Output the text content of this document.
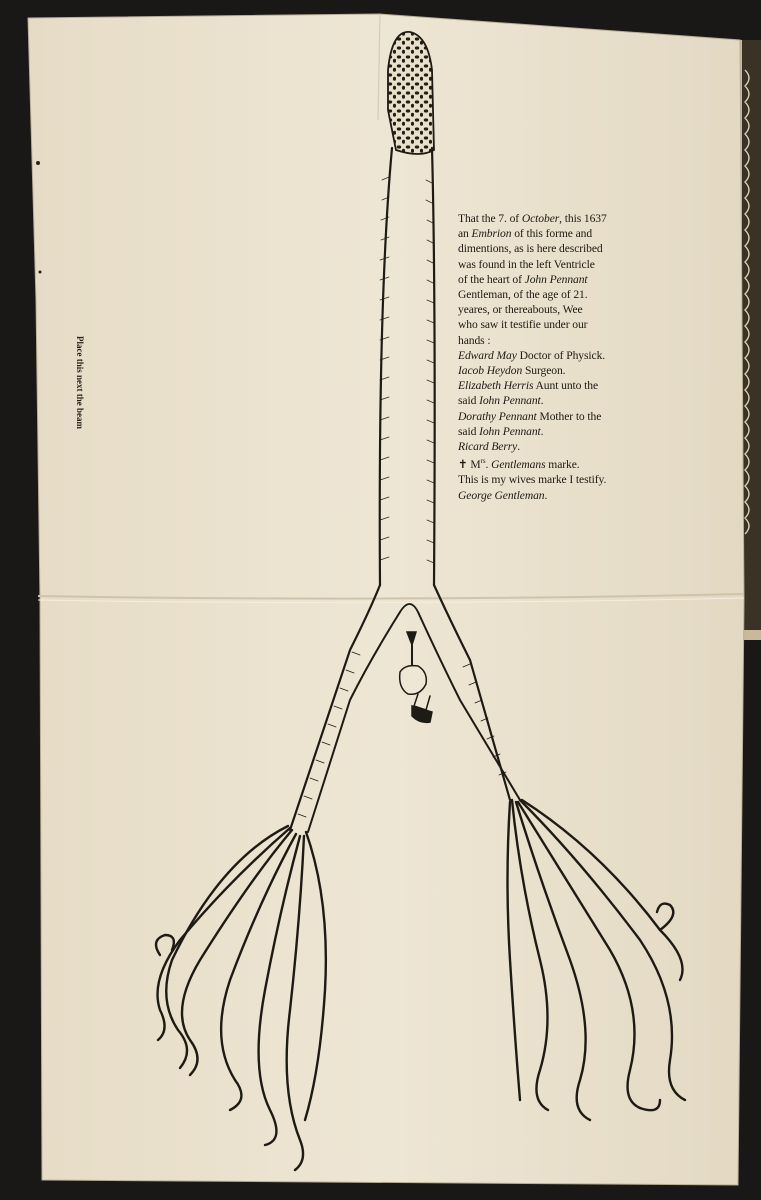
Place this next the beam
That the 7. of October, this 1637
an Embrion of this forme and
dimentions, as is here described
was found in the left Ventricle
of the heart of John Pennant
Gentleman, of the age of 21.
yeares, or thereabouts, Wee
who saw it testifie under our
hands :
Edward May Doctor of Physick.
Iacob Heydon Surgeon.
Elizabeth Herris Aunt unto the
said Iohn Pennant.
Dorathy Pennant Mother to the
said Iohn Pennant.
Ricard Berry.
✝ $M^{rs}$. Gentlemans marke.
This is my wives marke I testify.
George Gentleman.
